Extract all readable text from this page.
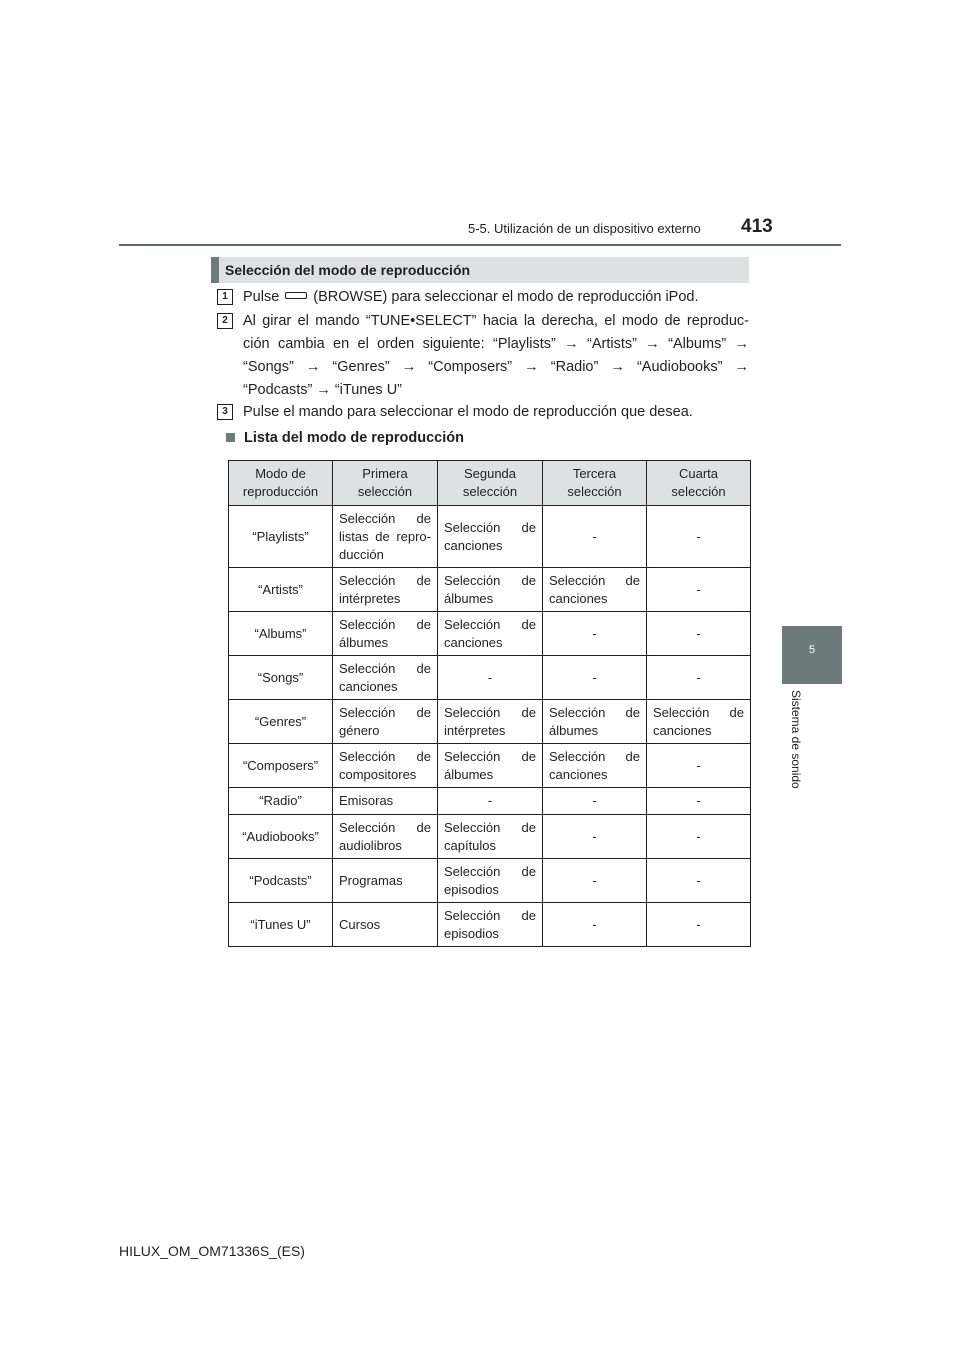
5-5. Utilización de un dispositivo externo 413
5
Sistema de sonido
Selección del modo de reproducción
1	Pulse (BROWSE) para seleccionar el modo de reproducción iPod.
2	Al girar el mando “TUNE•SELECT” hacia la derecha, el modo de reproduc-
ción cambia en el orden siguiente: “Playlists” → “Artists” → “Albums” →
“Songs” → “Genres” → “Composers” → “Radio” → “Audiobooks” →
“Podcasts” → “iTunes U”
3	Pulse el mando para seleccionar el modo de reproducción que desea.
Lista del modo de reproducción
Modo de reproducción	Primera selección	Segunda selección	Tercera selección	Cuarta selección
“Playlists”	Selección de listas de repro-ducción	Selección de canciones	-	-
“Artists”	Selección de intérpretes	Selección de álbumes	Selección de canciones	-
“Albums”	Selección de álbumes	Selección de canciones	-	-
“Songs”	Selección de canciones	-	-	-
“Genres”	Selección de género	Selección de intérpretes	Selección de álbumes	Selección de canciones
“Composers”	Selección de compositores	Selección de álbumes	Selección de canciones	-
“Radio”	Emisoras	-	-	-
“Audiobooks”	Selección de audiolibros	Selección de capítulos	-	-
“Podcasts”	Programas	Selección de episodios	-	-
“iTunes U”	Cursos	Selección de episodios	-	-
HILUX_OM_OM71336S_(ES)
